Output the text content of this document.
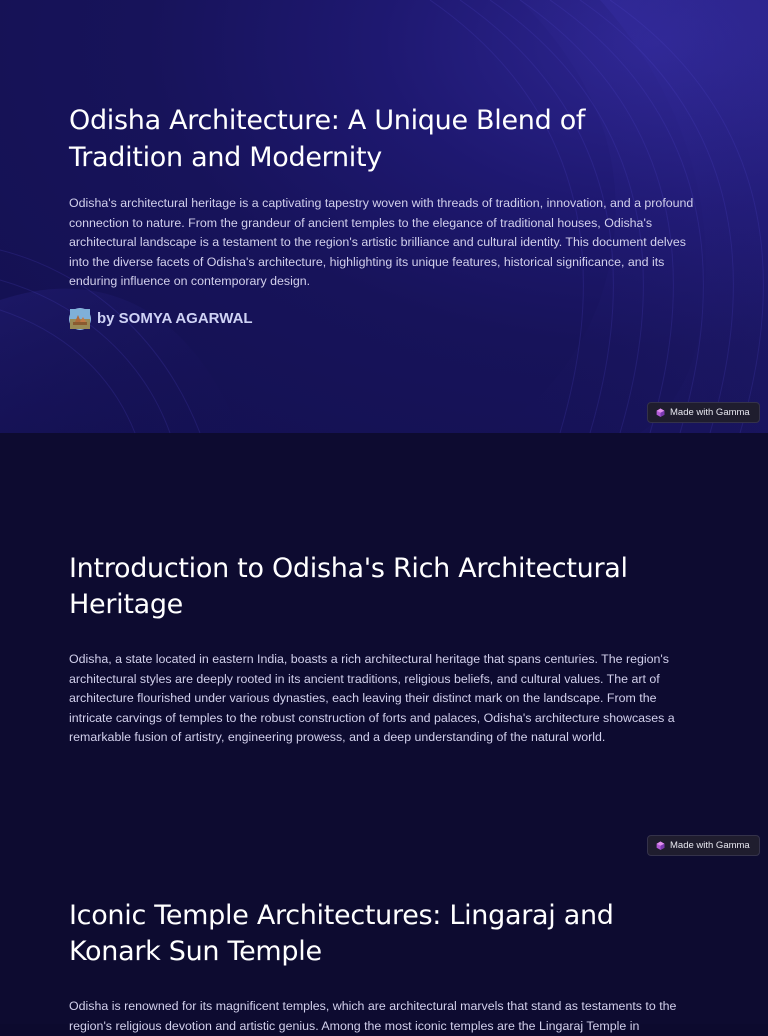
Odisha Architecture: A Unique Blend of Tradition and Modernity

Odisha's architectural heritage is a captivating tapestry woven with threads of tradition, innovation, and a profound connection to nature. From the grandeur of ancient temples to the elegance of traditional houses, Odisha's architectural landscape is a testament to the region's artistic brilliance and cultural identity. This document delves into the diverse facets of Odisha's architecture, highlighting its unique features, historical significance, and its enduring influence on contemporary design.

by SOMYA AGARWAL
Made with Gamma
Introduction to Odisha's Rich Architectural Heritage

Odisha, a state located in eastern India, boasts a rich architectural heritage that spans centuries. The region's architectural styles are deeply rooted in its ancient traditions, religious beliefs, and cultural values. The art of architecture flourished under various dynasties, each leaving their distinct mark on the landscape. From the intricate carvings of temples to the robust construction of forts and palaces, Odisha's architecture showcases a remarkable fusion of artistry, engineering prowess, and a deep understanding of the natural world.

Made with Gamma
Iconic Temple Architectures: Lingaraj and Konark Sun Temple

Odisha is renowned for its magnificent temples, which are architectural marvels that stand as testaments to the region's religious devotion and artistic genius. Among the most iconic temples are the Lingaraj Temple in
